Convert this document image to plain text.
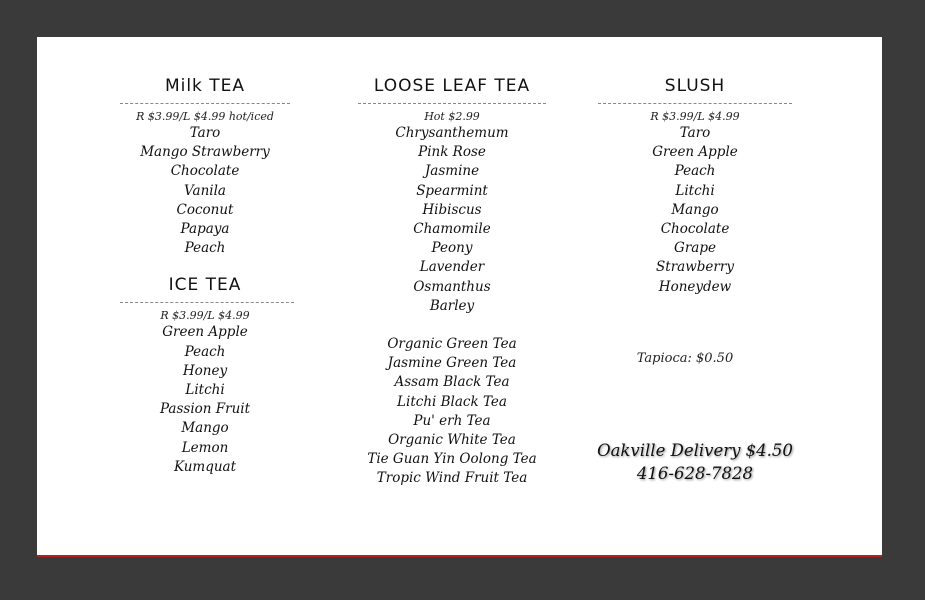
Milk TEA
R $3.99/L $4.99 hot/iced
Taro
Mango Strawberry
Chocolate
Vanila
Coconut
Papaya
Peach
ICE TEA
R $3.99/L $4.99
Green Apple
Peach
Honey
Litchi
Passion Fruit
Mango
Lemon
Kumquat
LOOSE LEAF TEA
Hot $2.99
Chrysanthemum
Pink Rose
Jasmine
Spearmint
Hibiscus
Chamomile
Peony
Lavender
Osmanthus
Barley
Organic Green Tea
Jasmine Green Tea
Assam Black Tea
Litchi Black Tea
Pu' erh Tea
Organic White Tea
Tie Guan Yin Oolong Tea
Tropic Wind Fruit Tea
SLUSH
R $3.99/L $4.99
Taro
Green Apple
Peach
Litchi
Mango
Chocolate
Grape
Strawberry
Honeydew
Tapioca: $0.50
Oakville Delivery $4.50
416-628-7828
